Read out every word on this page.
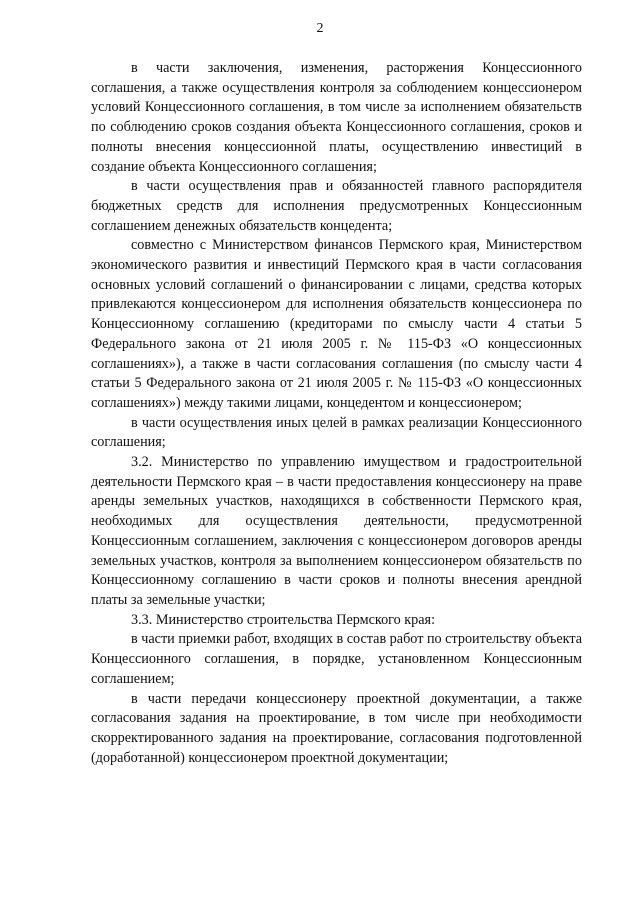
2

в части заключения, изменения, расторжения Концессионного соглашения, а также осуществления контроля за соблюдением концессионером условий Концессионного соглашения, в том числе за исполнением обязательств по соблюдению сроков создания объекта Концессионного соглашения, сроков и полноты внесения концессионной платы, осуществлению инвестиций в создание объекта Концессионного соглашения;

в части осуществления прав и обязанностей главного распорядителя бюджетных средств для исполнения предусмотренных Концессионным соглашением денежных обязательств концедента;

совместно с Министерством финансов Пермского края, Министерством экономического развития и инвестиций Пермского края в части согласования основных условий соглашений о финансировании с лицами, средства которых привлекаются концессионером для исполнения обязательств концессионера по Концессионному соглашению (кредиторами по смыслу части 4 статьи 5 Федерального закона от 21 июля 2005 г. № 115-ФЗ «О концессионных соглашениях»), а также в части согласования соглашения (по смыслу части 4 статьи 5 Федерального закона от 21 июля 2005 г. № 115-ФЗ «О концессионных соглашениях») между такими лицами, концедентом и концессионером;

в части осуществления иных целей в рамках реализации Концессионного соглашения;

3.2. Министерство по управлению имуществом и градостроительной деятельности Пермского края – в части предоставления концессионеру на праве аренды земельных участков, находящихся в собственности Пермского края, необходимых для осуществления деятельности, предусмотренной Концессионным соглашением, заключения с концессионером договоров аренды земельных участков, контроля за выполнением концессионером обязательств по Концессионному соглашению в части сроков и полноты внесения арендной платы за земельные участки;

3.3. Министерство строительства Пермского края:

в части приемки работ, входящих в состав работ по строительству объекта Концессионного соглашения, в порядке, установленном Концессионным соглашением;

в части передачи концессионеру проектной документации, а также согласования задания на проектирование, в том числе при необходимости скорректированного задания на проектирование, согласования подготовленной (доработанной) концессионером проектной документации;
